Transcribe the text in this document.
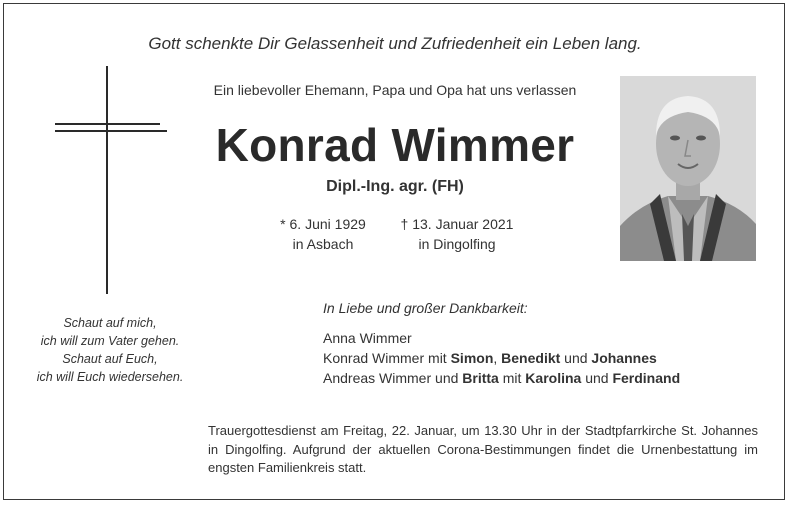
Gott schenkte Dir Gelassenheit und Zufriedenheit ein Leben lang.
Ein liebevoller Ehemann, Papa und Opa hat uns verlassen
Konrad Wimmer
Dipl.-Ing. agr. (FH)
* 6. Juni 1929
in Asbach
† 13. Januar 2021
in Dingolfing
Schaut auf mich,
ich will zum Vater gehen.
Schaut auf Euch,
ich will Euch wiedersehen.
In Liebe und großer Dankbarkeit:
Anna Wimmer
Konrad Wimmer mit Simon, Benedikt und Johannes
Andreas Wimmer und Britta mit Karolina und Ferdinand
Trauergottesdienst am Freitag, 22. Januar, um 13.30 Uhr in der Stadtpfarrkirche St. Johannes in Dingolfing. Aufgrund der aktuellen Corona-Bestimmungen findet die Urnenbestattung im engsten Familienkreis statt.
